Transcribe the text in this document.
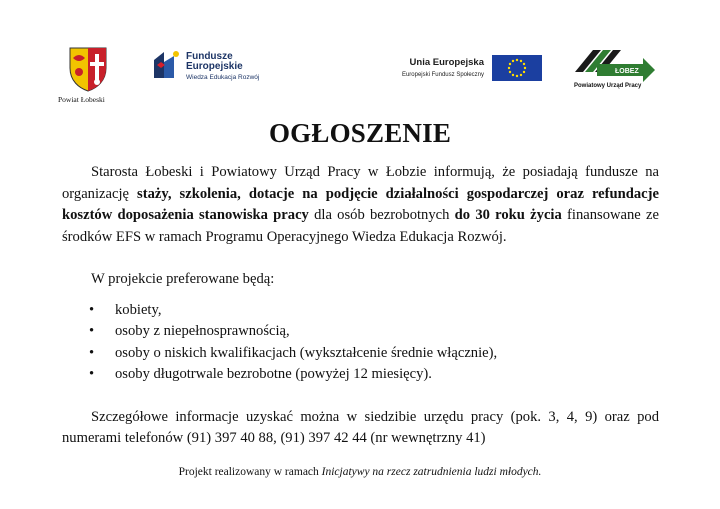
Powiat Łobeski
Fundusze
Europejskie
Wiedza Edukacja Rozwój
Unia Europejska
Europejski Fundusz Społeczny	ŁOBEZ
Powiatowy Urząd Pracy
OGŁOSZENIE

Starosta Łobeski i Powiatowy Urząd Pracy w Łobzie informują, że posiadają fundusze na organizację staży, szkolenia, dotacje na podjęcie działalności gospodarczej oraz refundacje kosztów doposażenia stanowiska pracy dla osób bezrobotnych do 30 roku życia finansowane ze środków EFS w ramach Programu Operacyjnego Wiedza Edukacja Rozwój.

W projekcie preferowane będą:

• kobiety,
• osoby z niepełnosprawnością,
• osoby o niskich kwalifikacjach (wykształcenie średnie włącznie),
• osoby długotrwale bezrobotne (powyżej 12 miesięcy).

Szczegółowe informacje uzyskać można w siedzibie urzędu pracy (pok. 3, 4, 9) oraz pod numerami telefonów (91) 397 40 88, (91) 397 42 44 (nr wewnętrzny 41)

Projekt realizowany w ramach Inicjatywy na rzecz zatrudnienia ludzi młodych.
